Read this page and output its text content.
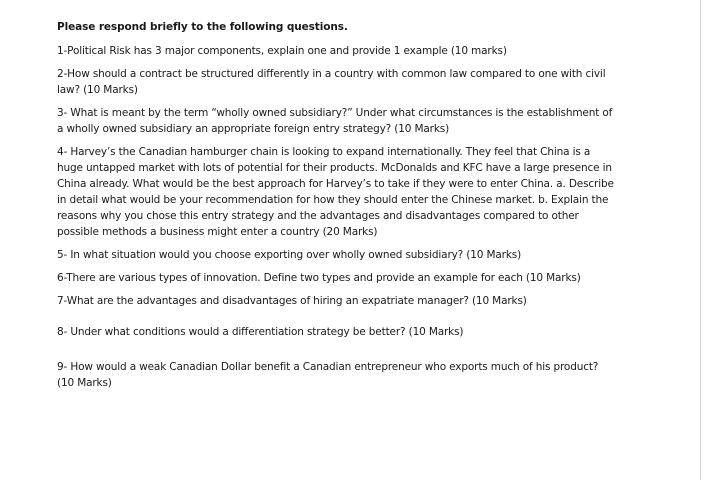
Please respond briefly to the following questions.

1-Political Risk has 3 major components, explain one and provide 1 example (10 marks)

2-How should a contract be structured differently in a country with common law compared to one with civil law? (10 Marks)

3- What is meant by the term “wholly owned subsidiary?” Under what circumstances is the establishment of a wholly owned subsidiary an appropriate foreign entry strategy? (10 Marks)

4- Harvey’s the Canadian hamburger chain is looking to expand internationally. They feel that China is a huge untapped market with lots of potential for their products. McDonalds and KFC have a large presence in China already. What would be the best approach for Harvey’s to take if they were to enter China. a. Describe in detail what would be your recommendation for how they should enter the Chinese market. b. Explain the reasons why you chose this entry strategy and the advantages and disadvantages compared to other possible methods a business might enter a country (20 Marks)

5- In what situation would you choose exporting over wholly owned subsidiary? (10 Marks)

6-There are various types of innovation. Define two types and provide an example for each (10 Marks)

7-What are the advantages and disadvantages of hiring an expatriate manager? (10 Marks)

8- Under what conditions would a differentiation strategy be better? (10 Marks)

9- How would a weak Canadian Dollar benefit a Canadian entrepreneur who exports much of his product? (10 Marks)
